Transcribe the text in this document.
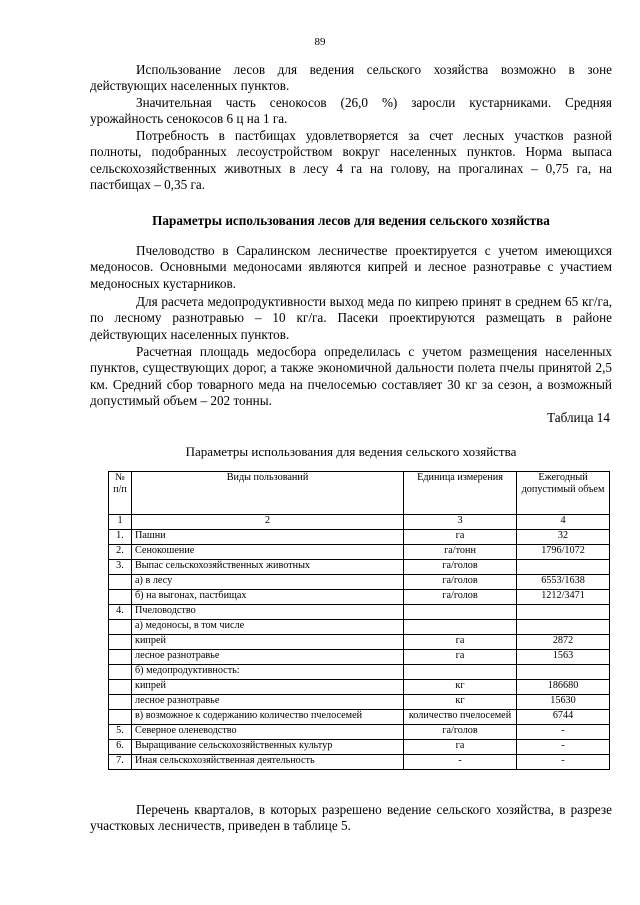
89

Использование лесов для ведения сельского хозяйства возможно в зоне действующих населенных пунктов.

Значительная часть сенокосов (26,0 %) заросли кустарниками. Средняя урожайность сенокосов 6 ц на 1 га.

Потребность в пастбищах удовлетворяется за счет лесных участков разной полноты, подобранных лесоустройством вокруг населенных пунктов. Норма выпаса сельскохозяйственных животных в лесу 4 га на голову, на прогалинах – 0,75 га, на пастбищах – 0,35 га.

Параметры использования лесов для ведения сельского хозяйства

Пчеловодство в Саралинском лесничестве проектируется с учетом имеющихся медоносов. Основными медоносами являются кипрей и лесное разнотравье с участием медоносных кустарников.

Для расчета медопродуктивности выход меда по кипрею принят в среднем 65 кг/га, по лесному разнотравью – 10 кг/га. Пасеки проектируются размещать в районе действующих населенных пунктов.

Расчетная площадь медосбора определилась с учетом размещения населенных пунктов, существующих дорог, а также экономичной дальности полета пчелы принятой 2,5 км. Средний сбор товарного меда на пчелосемью составляет 30 кг за сезон, а возможный допустимый объем – 202 тонны.

Таблица 14
Параметры использования для ведения сельского хозяйства
№ п/п	Виды пользований	Единица измерения	Ежегодный допустимый объем
1	2	3	4
1.	Пашни	га	32
2.	Сенокошение	га/тонн	1796/1072
3.	Выпас сельскохозяйственных животных	га/голов	
	а) в лесу	га/голов	6553/1638
	б) на выгонах, пастбищах	га/голов	1212/3471
4.	Пчеловодство		
	а) медоносы, в том числе		
	кипрей	га	2872
	лесное разнотравье	га	1563
	б) медопродуктивность:		
	кипрей	кг	186680
	лесное разнотравье	кг	15630
	в) возможное к содержанию количество пчелосемей	количество пчелосемей	6744
5.	Северное оленеводство	га/голов	-
6.	Выращивание сельскохозяйственных культур	га	-
7.	Иная сельскохозяйственная деятельность	-	-

Перечень кварталов, в которых разрешено ведение сельского хозяйства, в разрезе участковых лесничеств, приведен в таблице 5.
